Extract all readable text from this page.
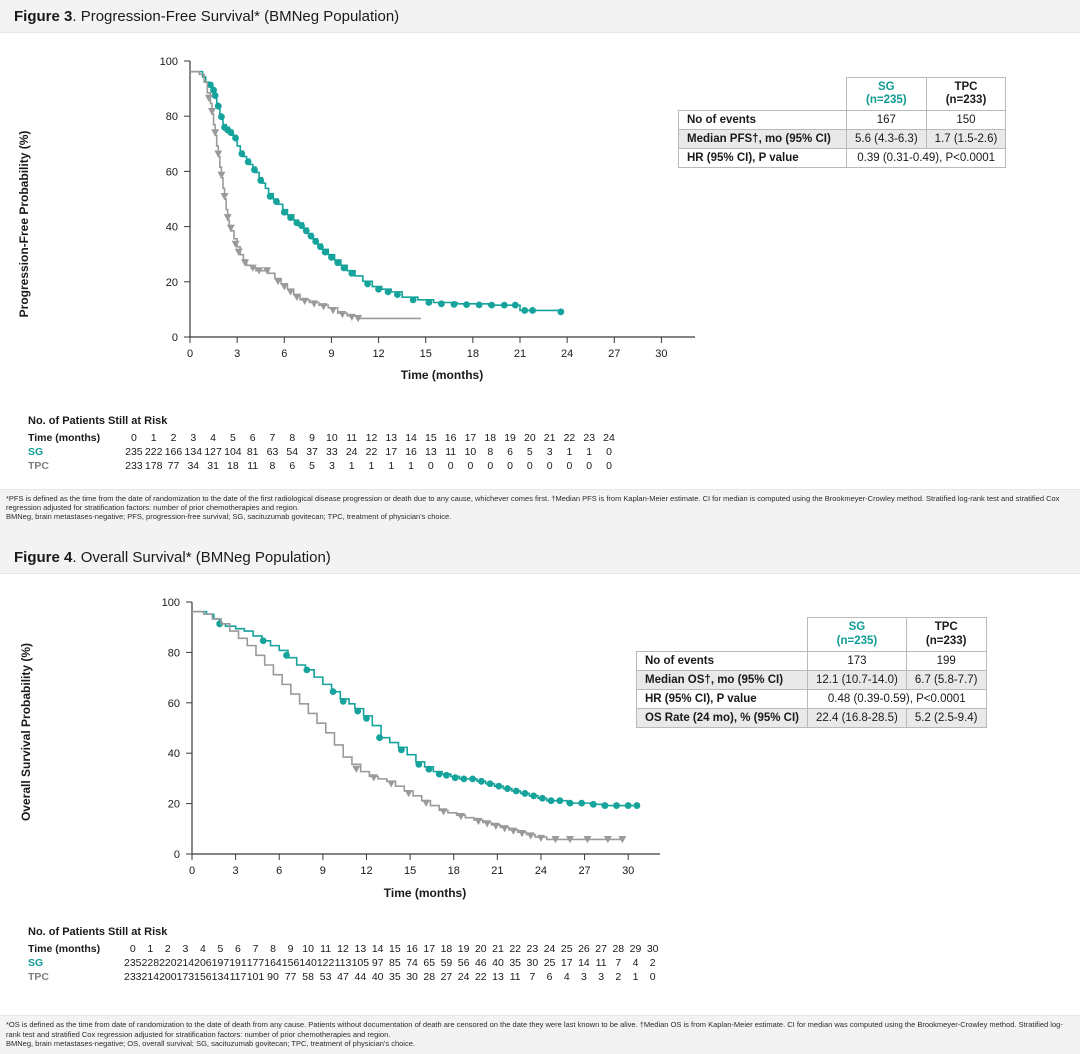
Figure 3. Progression-Free Survival* (BMNeg Population)
Progression-Free Probability (%)
0
20
40
60
80
100
0	3	6	9	12	15	18	21	24	27	30
Time (months)

SG
(n=235)

TPC
(n=233)

No of events	167	150
Median PFS†, mo (95% CI)	5.6 (4.3-6.3)	1.7 (1.5-2.6)
HR (95% CI), P value	0.39 (0.31-0.49), P<0.0001	
No. of Patients Still at Risk
Time (months)	0	1	2	3	4	5	6	7	8	9	10	11	12	13	14	15	16	17	18	19	20	21	22	23	24
SG	235	222	166	134	127	104	81	63	54	37	33	24	22	17	16	13	11	10	8	6	5	3	1	1	0
TPC	233	178	77	34	31	18	11	8	6	5	3	1	1	1	1	0	0	0	0	0	0	0	0	0	0
*PFS is defined as the time from the date of randomization to the date of the first radiological disease progression or death due to any cause, whichever comes first. †Median PFS is from Kaplan-Meier estimate. CI for median is computed using the Brookmeyer-Crowley method. Stratified log-rank test and stratified Cox regression adjusted for stratification factors: number of prior chemotherapies and region.
BMNeg, brain metastases-negative; PFS, progression-free survival; SG, sacituzumab govitecan; TPC, treatment of physician's choice.
Figure 4. Overall Survival* (BMNeg Population)
Overall Survival Probability (%)
0
20
40
60
80
100
0	3	6	9	12	15	18	21	24	27	30
Time (months)

SG
(n=235)

TPC
(n=233)

No of events	173	199
Median OS†, mo (95% CI)	12.1 (10.7-14.0)	6.7 (5.8-7.7)
HR (95% CI), P value	0.48 (0.39-0.59), P<0.0001	
OS Rate (24 mo), % (95% CI)	22.4 (16.8-28.5)	5.2 (2.5-9.4)
No. of Patients Still at Risk
Time (months)	0	1	2	3	4	5	6	7	8	9	10	11	12	13	14	15	16	17	18	19	20	21	22	23	24	25	26	27	28	29	30
SG	235	228	220	214	206	197	191	177	164	156	140	122	113	105	97	85	74	65	59	56	46	40	35	30	25	17	14	11	7	4	2
TPC	233	214	200	173	156	134	117	101	90	77	58	53	47	44	40	35	30	28	27	24	22	13	11	7	6	4	3	3	2	1	0
*OS is defined as the time from date of randomization to the date of death from any cause. Patients without documentation of death are censored on the date they were last known to be alive. †Median OS is from Kaplan-Meier estimate. CI for median was computed using the Brookmeyer-Crowley method. Stratified log-rank test and stratified Cox regression adjusted for stratification factors: number of prior chemotherapies and region.
BMNeg, brain metastases-negative; OS, overall survival; SG, sacituzumab govitecan; TPC, treatment of physician's choice.
